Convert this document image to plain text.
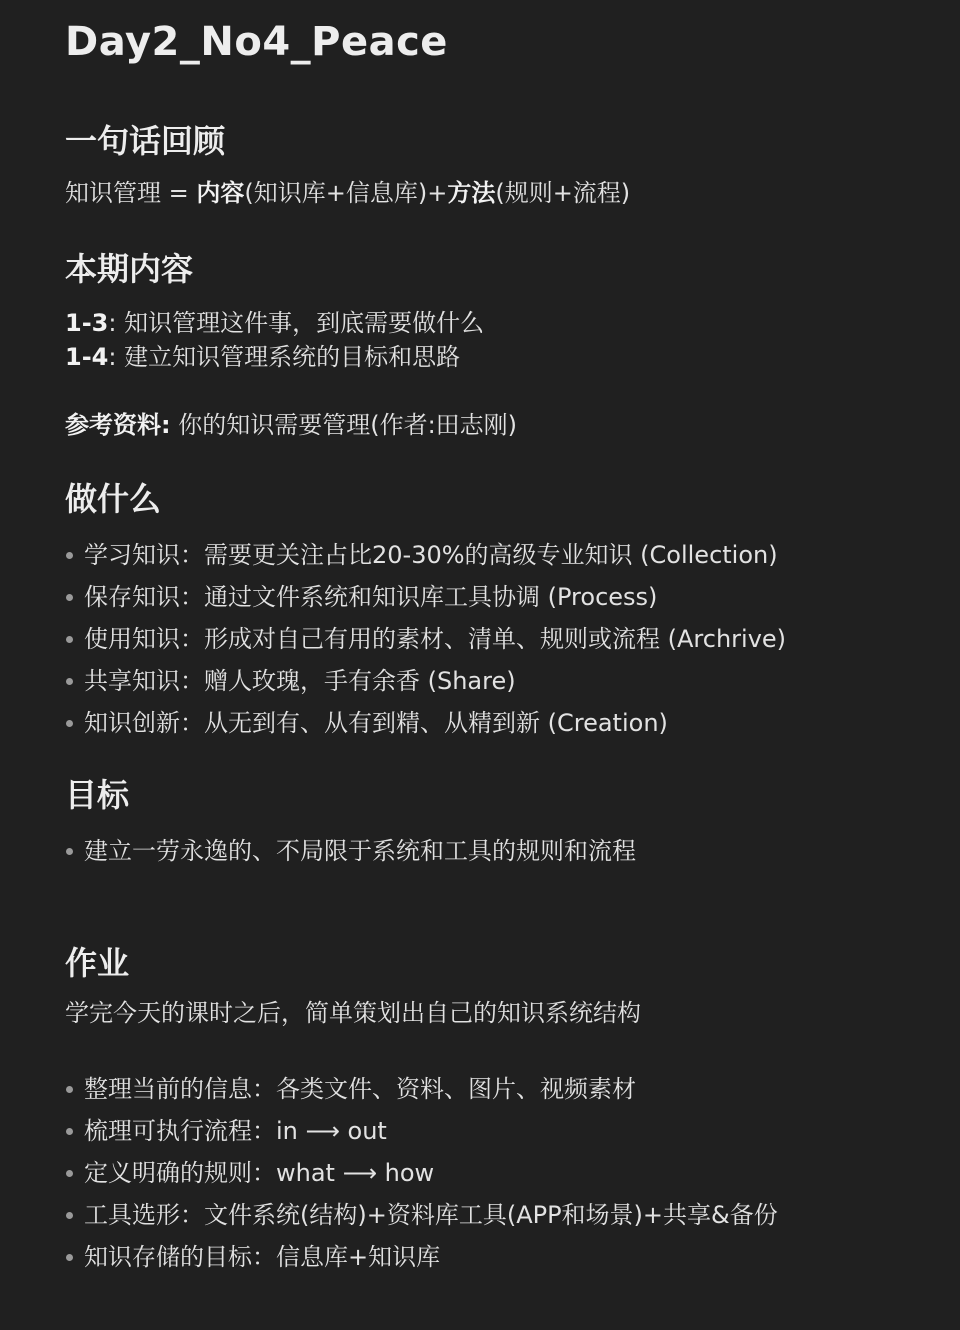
Day2_No4_Peace
一句话回顾
知识管理 = 内容(知识库+信息库)+方法(规则+流程)
本期内容
1-3: 知识管理这件事，到底需要做什么
1-4: 建立知识管理系统的目标和思路
参考资料: 你的知识需要管理(作者:田志刚)
做什么
学习知识：需要更关注占比20-30%的高级专业知识 (Collection)
保存知识：通过文件系统和知识库工具协调 (Process)
使用知识：形成对自己有用的素材、清单、规则或流程 (Archrive)
共享知识：赠人玫瑰，手有余香 (Share)
知识创新：从无到有、从有到精、从精到新 (Creation)
目标
建立一劳永逸的、不局限于系统和工具的规则和流程
作业
学完今天的课时之后，简单策划出自己的知识系统结构
整理当前的信息：各类文件、资料、图片、视频素材
梳理可执行流程：in ⟶ out
定义明确的规则：what ⟶ how
工具选形：文件系统(结构)+资料库工具(APP和场景)+共享&备份
知识存储的目标：信息库+知识库
